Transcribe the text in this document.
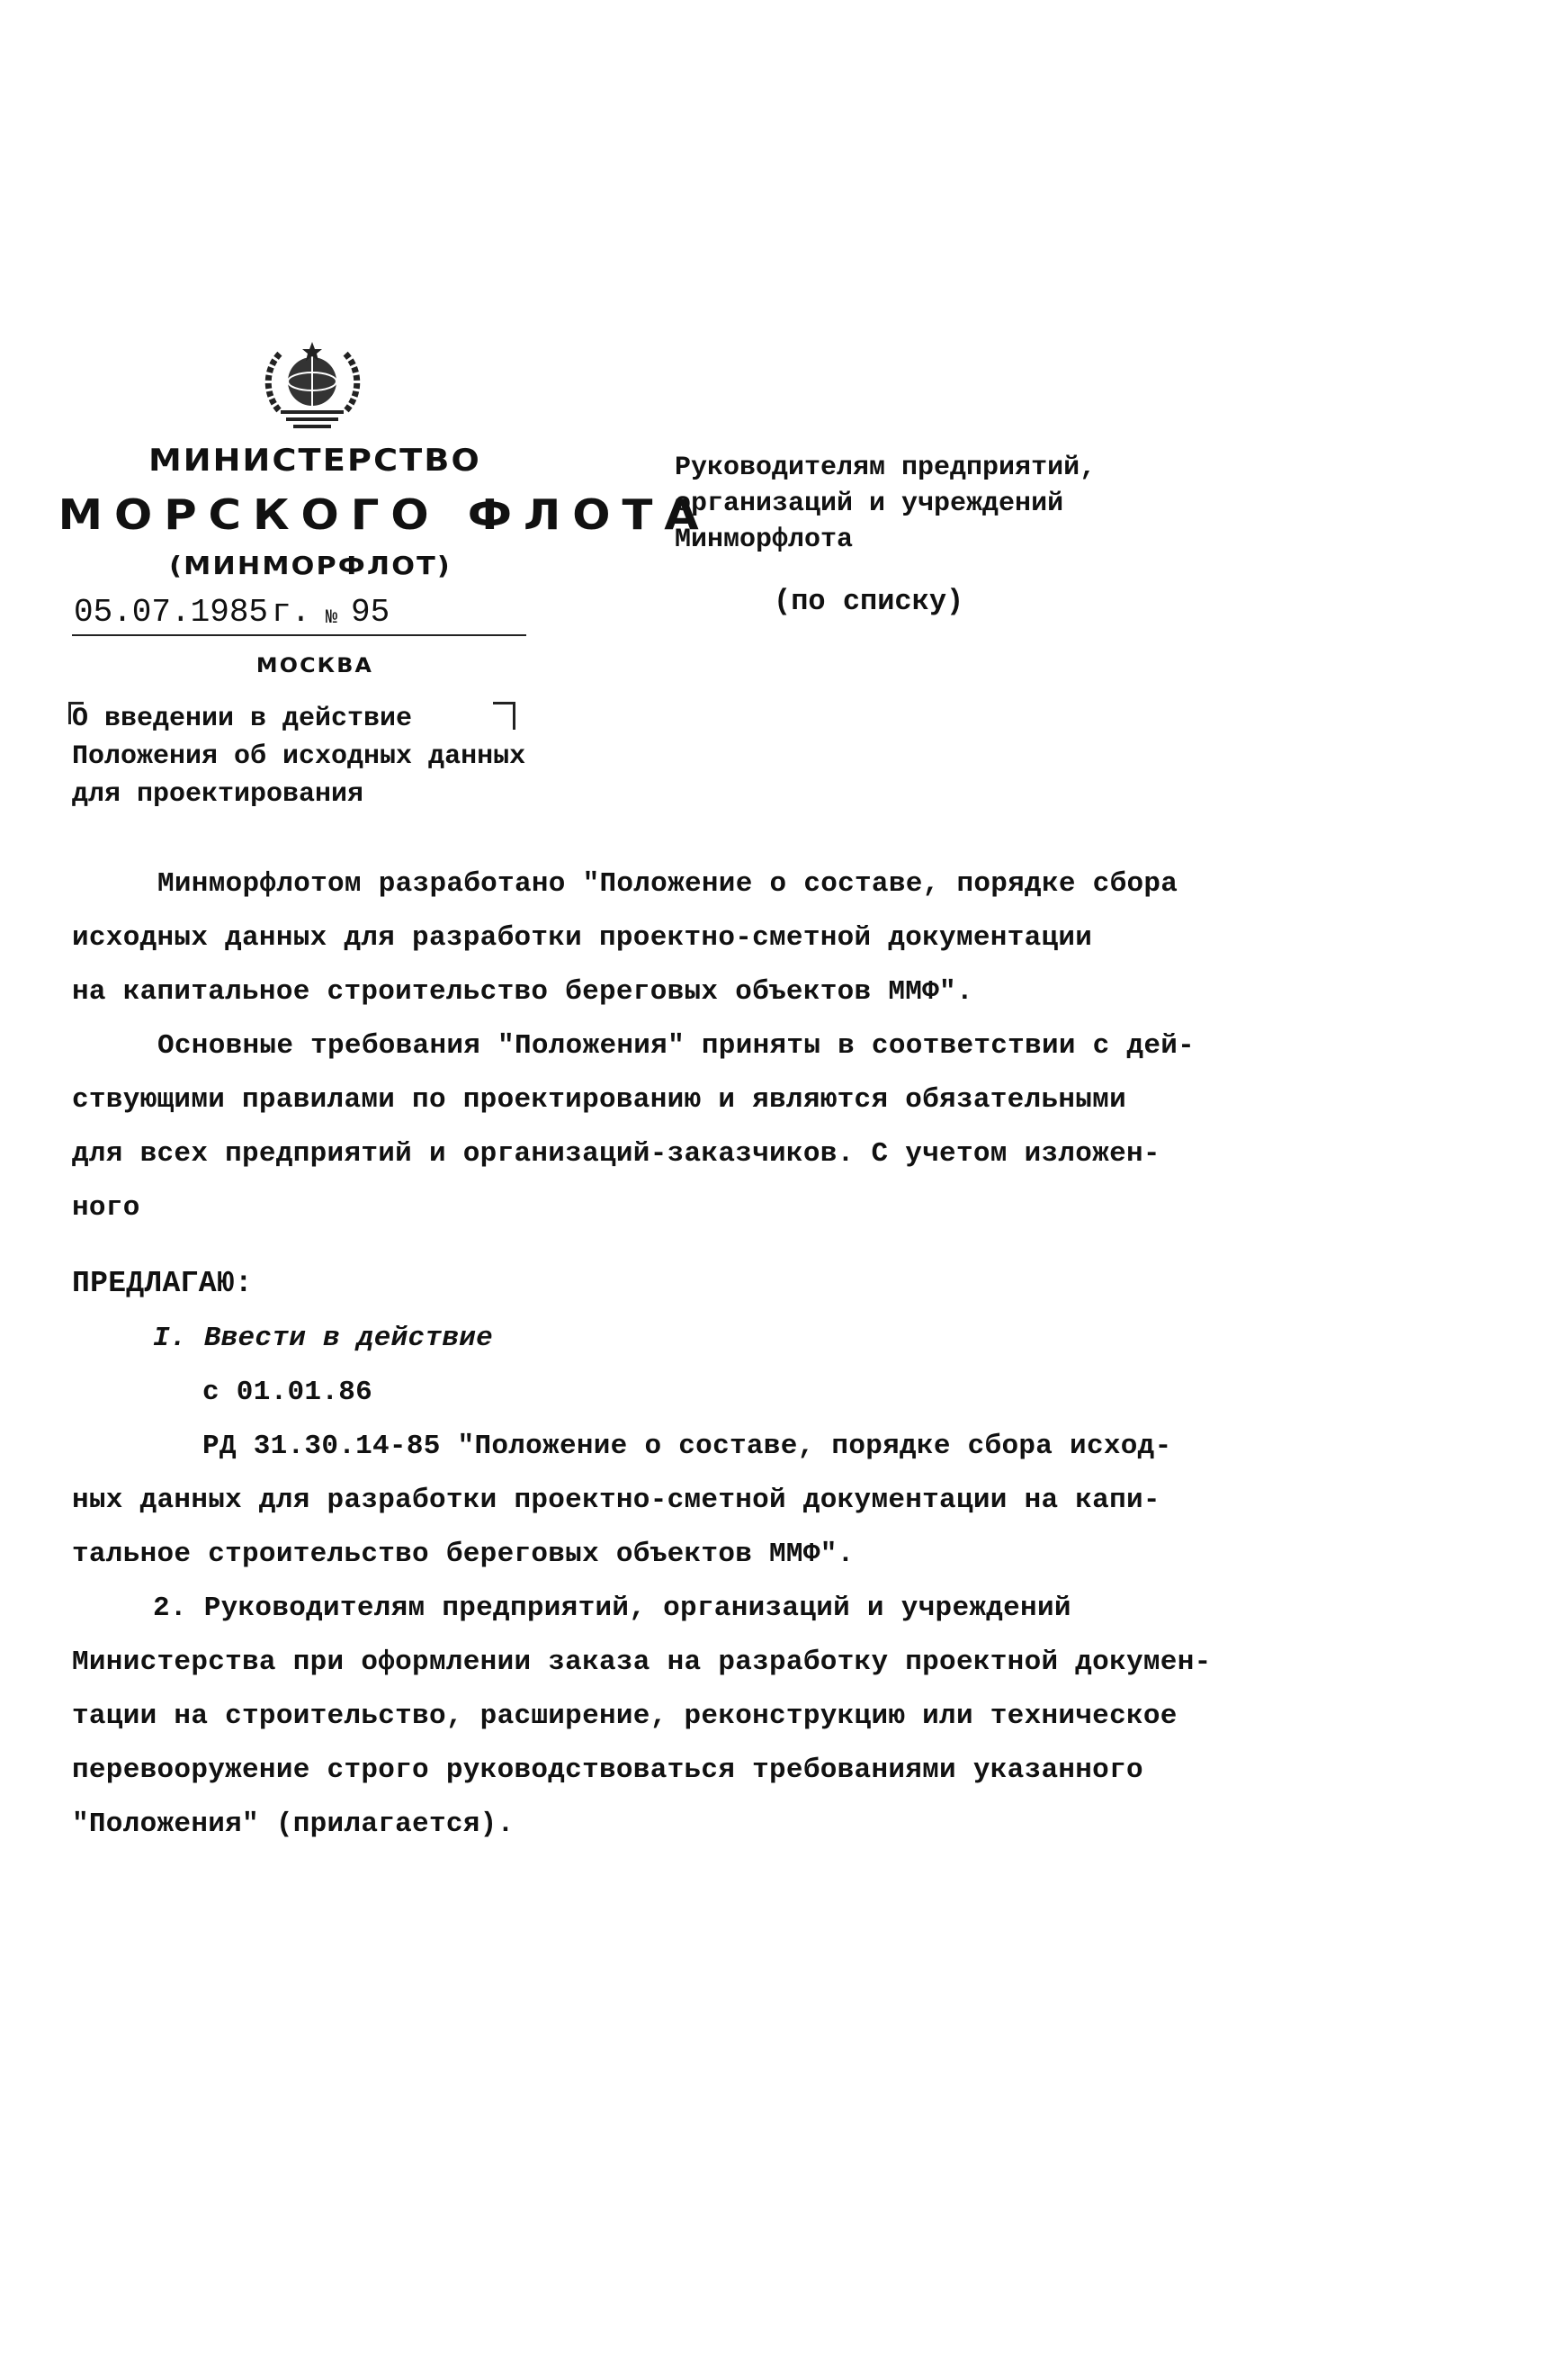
МИНИСТЕРСТВО
МОРСКОГО ФЛОТА
(МИНМОРФЛОТ)
05.07.1985 г. № 95
МОСКВА
О введении в действие
Положения об исходных данных
для проектирования
Руководителям предприятий,
организаций и учреждений
Минморфлота
(по списку)
Минморфлотом разработано "Положение о составе, порядке сбора
исходных данных для разработки проектно-сметной документации
на капитальное строительство береговых объектов ММФ".
Основные требования "Положения" приняты в соответствии с дей-
ствующими правилами по проектированию и являются обязательными
для всех предприятий и организаций-заказчиков. С учетом изложен-
ного
ПРЕДЛАГАЮ:
I. Ввести в действие
с 01.01.86
РД 31.30.14-85 "Положение о составе, порядке сбора исход-
ных данных для разработки проектно-сметной документации на капи-
тальное строительство береговых объектов ММФ".
2. Руководителям предприятий, организаций и учреждений
Министерства при оформлении заказа на разработку проектной докумен-
тации на строительство, расширение, реконструкцию или техническое
перевооружение строго руководствоваться требованиями указанного
"Положения" (прилагается).
